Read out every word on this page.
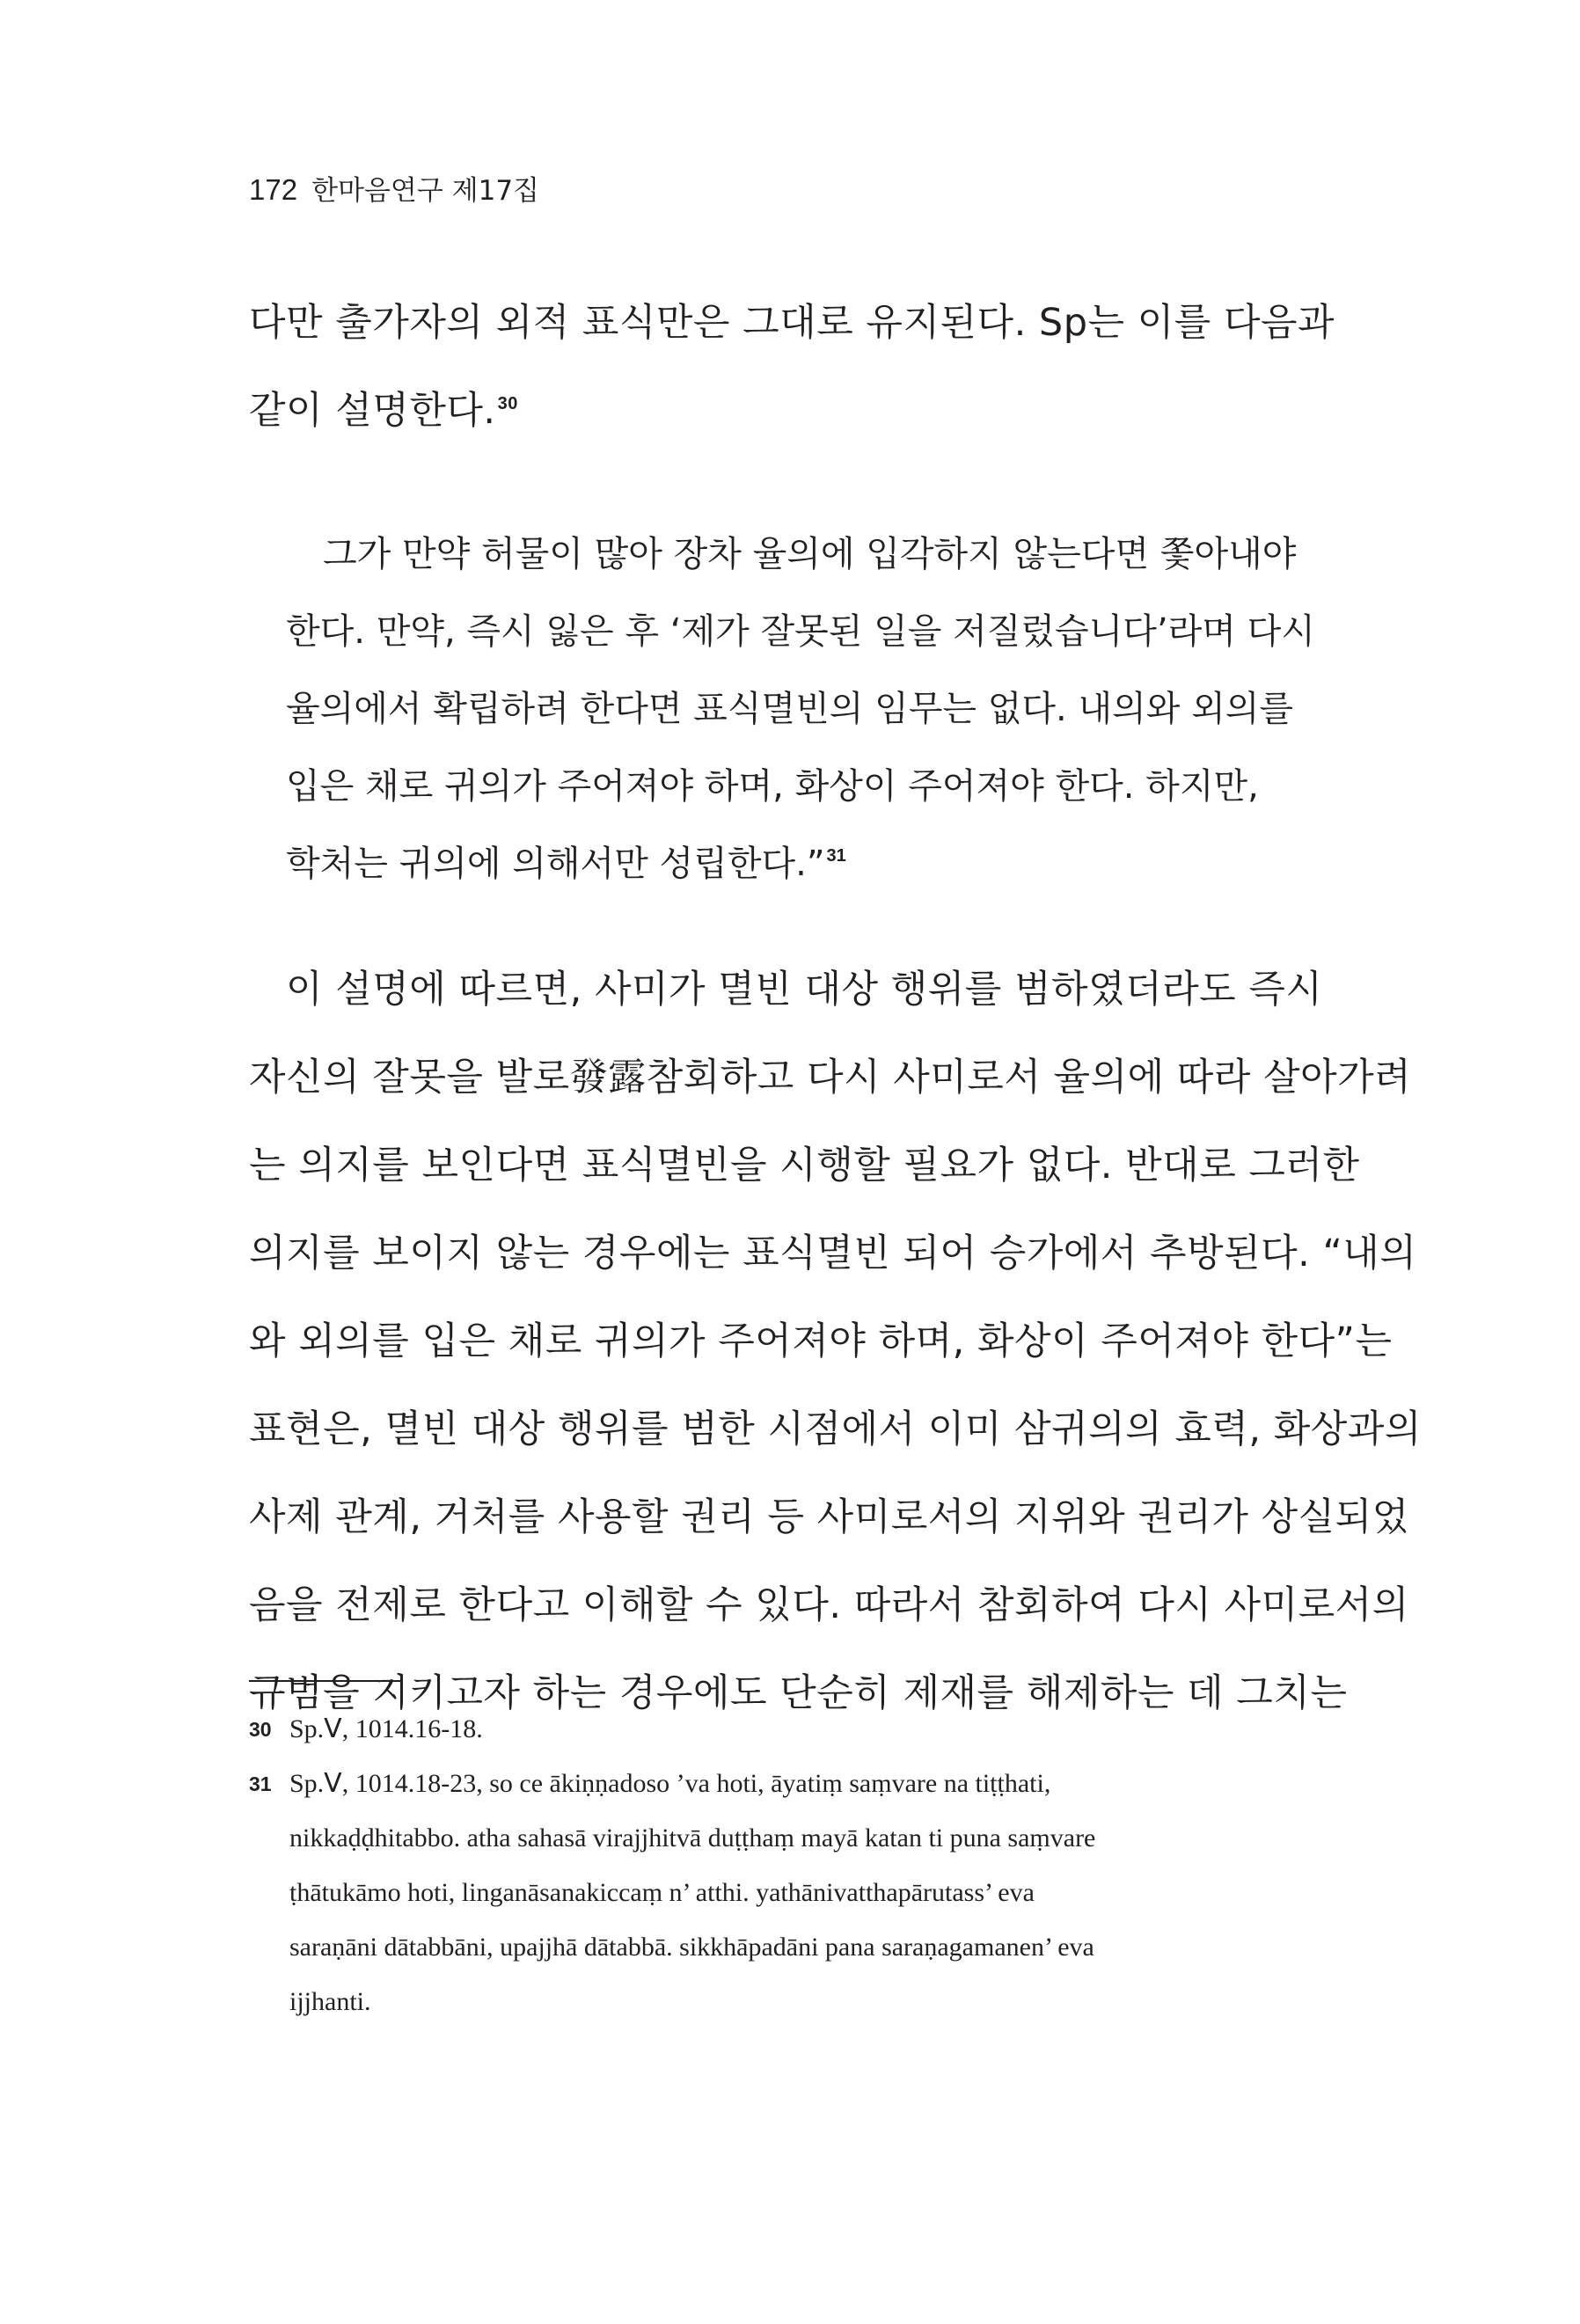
172 한마음연구 제17집
다만 출가자의 외적 표식만은 그대로 유지된다. Sp는 이를 다음과
같이 설명한다. $^{30}$
그가 만약 허물이 많아 장차 율의에 입각하지 않는다면 쫓아내야
한다. 만약, 즉시 잃은 후 ‘제가 잘못된 일을 저질렀습니다’라며 다시
율의에서 확립하려 한다면 표식멸빈의 임무는 없다. 내의와 외의를
입은 채로 귀의가 주어져야 하며, 화상이 주어져야 한다. 하지만,
학처는 귀의에 의해서만 성립한다.” $^{31}$
이 설명에 따르면, 사미가 멸빈 대상 행위를 범하였더라도 즉시
자신의 잘못을 발로發露참회하고 다시 사미로서 율의에 따라 살아가려
는 의지를 보인다면 표식멸빈을 시행할 필요가 없다. 반대로 그러한
의지를 보이지 않는 경우에는 표식멸빈 되어 승가에서 추방된다. “내의
와 외의를 입은 채로 귀의가 주어져야 하며, 화상이 주어져야 한다”는
표현은, 멸빈 대상 행위를 범한 시점에서 이미 삼귀의의 효력, 화상과의
사제 관계, 거처를 사용할 권리 등 사미로서의 지위와 권리가 상실되었
음을 전제로 한다고 이해할 수 있다. 따라서 참회하여 다시 사미로서의
규범을 지키고자 하는 경우에도 단순히 제재를 해제하는 데 그치는
30 Sp.Ⅴ, 1014.16-18.
31 Sp.Ⅴ, 1014.18-23, so ce ākiṇṇadoso ’va hoti, āyatiṃ saṃvare na tiṭṭhati,
nikkaḍḍhitabbo. atha sahasā virajjhitvā duṭṭhaṃ mayā katan ti puna saṃvare
ṭhātukāmo hoti, linganāsanakiccaṃ n’ atthi. yathānivatthapārutass’ eva
saraṇāni dātabbāni, upajjhā dātabbā. sikkhāpadāni pana saraṇagamanen’ eva
ijjhanti.
